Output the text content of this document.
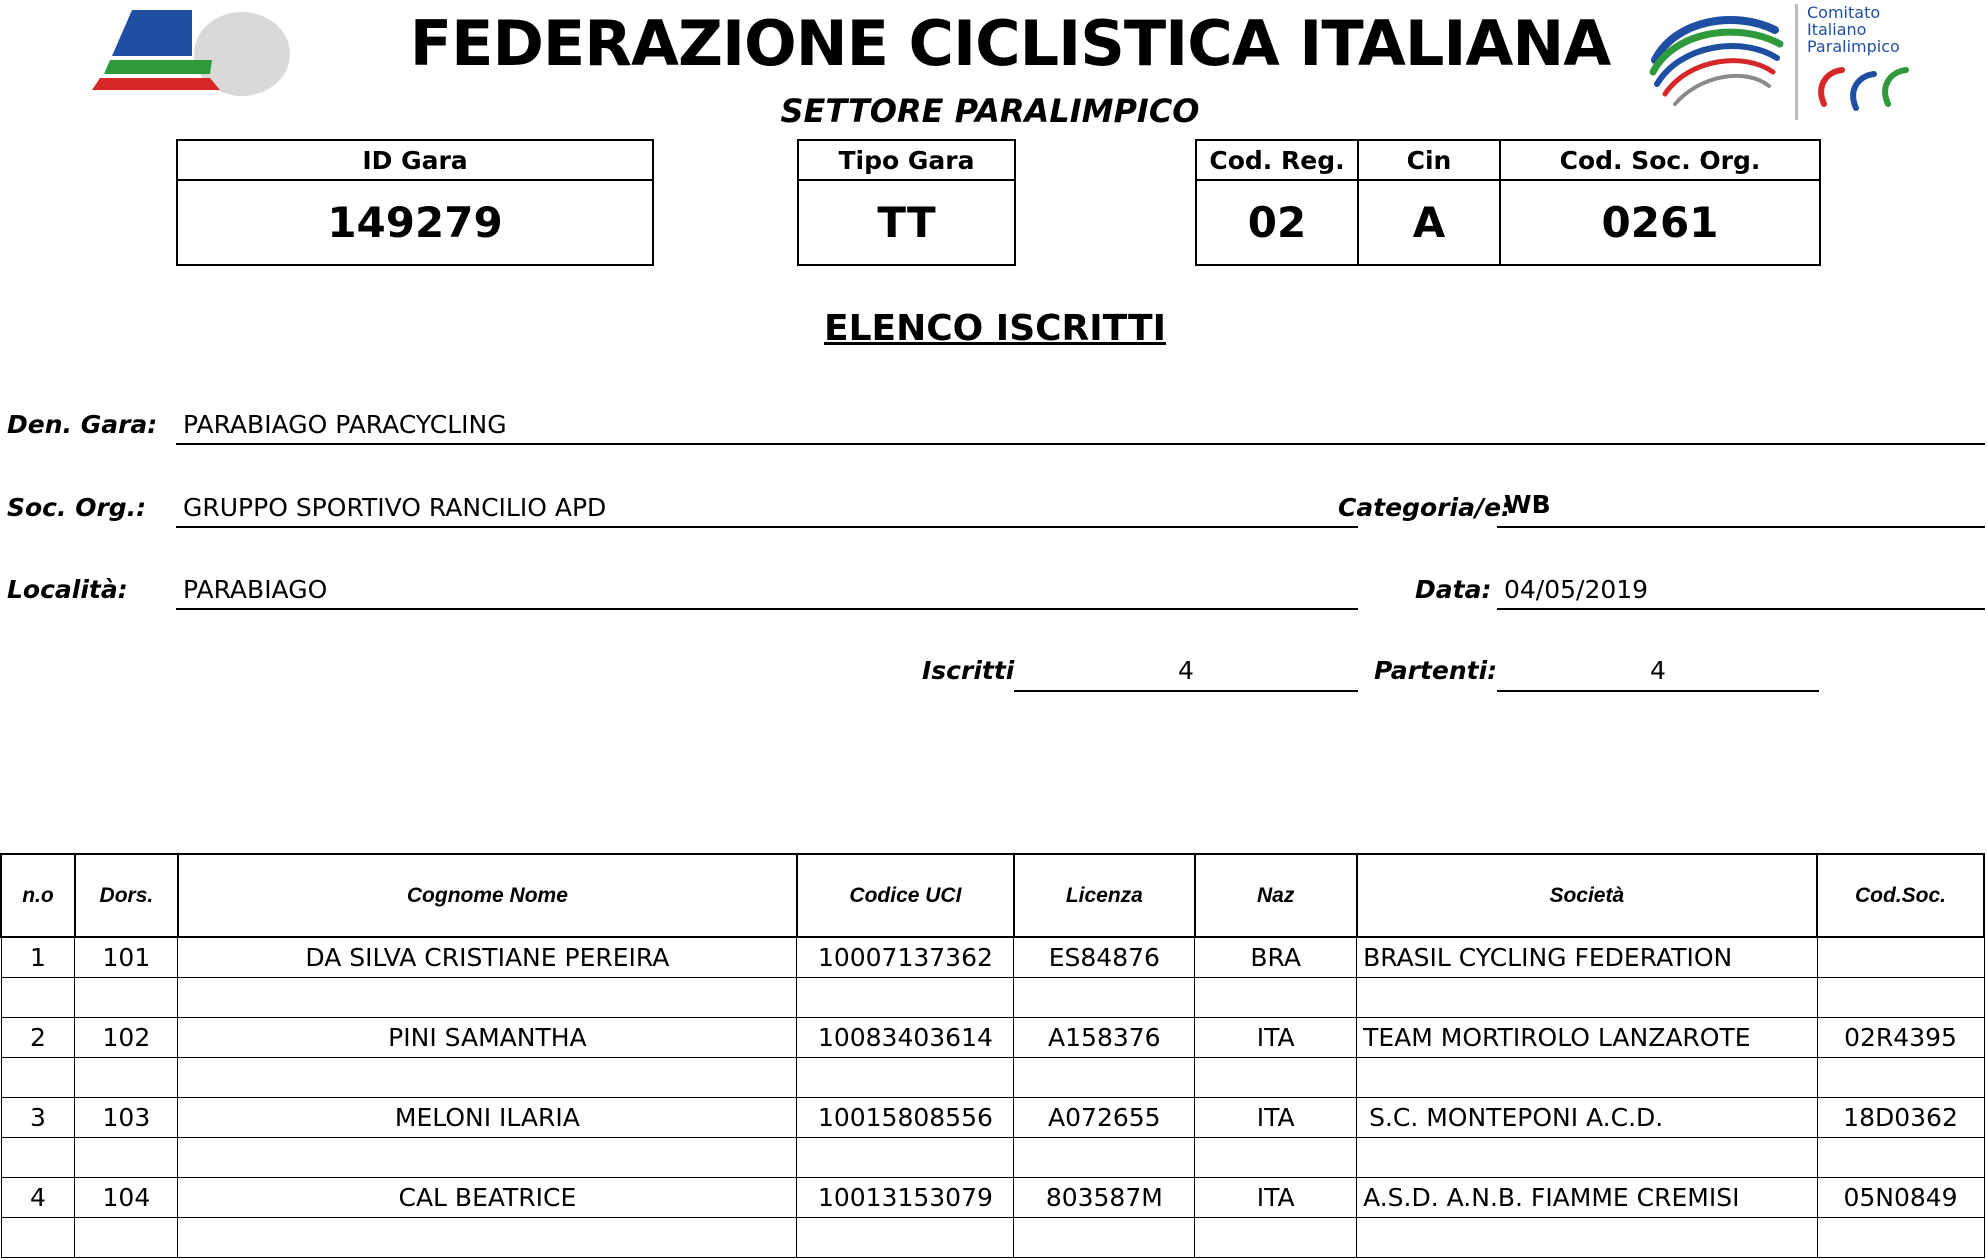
FEDERAZIONE CICLISTICA ITALIANA
SETTORE PARALIMPICO
Comitato
Italiano
Paralimpico
ID Gara
149279
Tipo Gara
TT
Cod. Reg.	Cin	Cod. Soc. Org.
02	A	0261
ELENCO ISCRITTI
Den. Gara: PARABIAGO PARACYCLING
Soc. Org.: GRUPPO SPORTIVO RANCILIO APD	Categoria/e:
WB
Località: PARABIAGO	Data: 04/05/2019
Iscritti	4	Partenti:	4
n.o	Dors.	Cognome Nome	Codice UCI	Licenza	Naz	Società	Cod.Soc.
1	101	DA SILVA CRISTIANE PEREIRA	10007137362	ES84876	BRA	BRASIL CYCLING FEDERATION	

2	102	PINI SAMANTHA	10083403614	A158376	ITA	TEAM MORTIROLO LANZAROTE	02R4395

3	103	MELONI ILARIA	10015808556	A072655	ITA	S.C. MONTEPONI A.C.D.	18D0362

4	104	CAL BEATRICE	10013153079	803587M	ITA	A.S.D. A.N.B. FIAMME CREMISI	05N0849
